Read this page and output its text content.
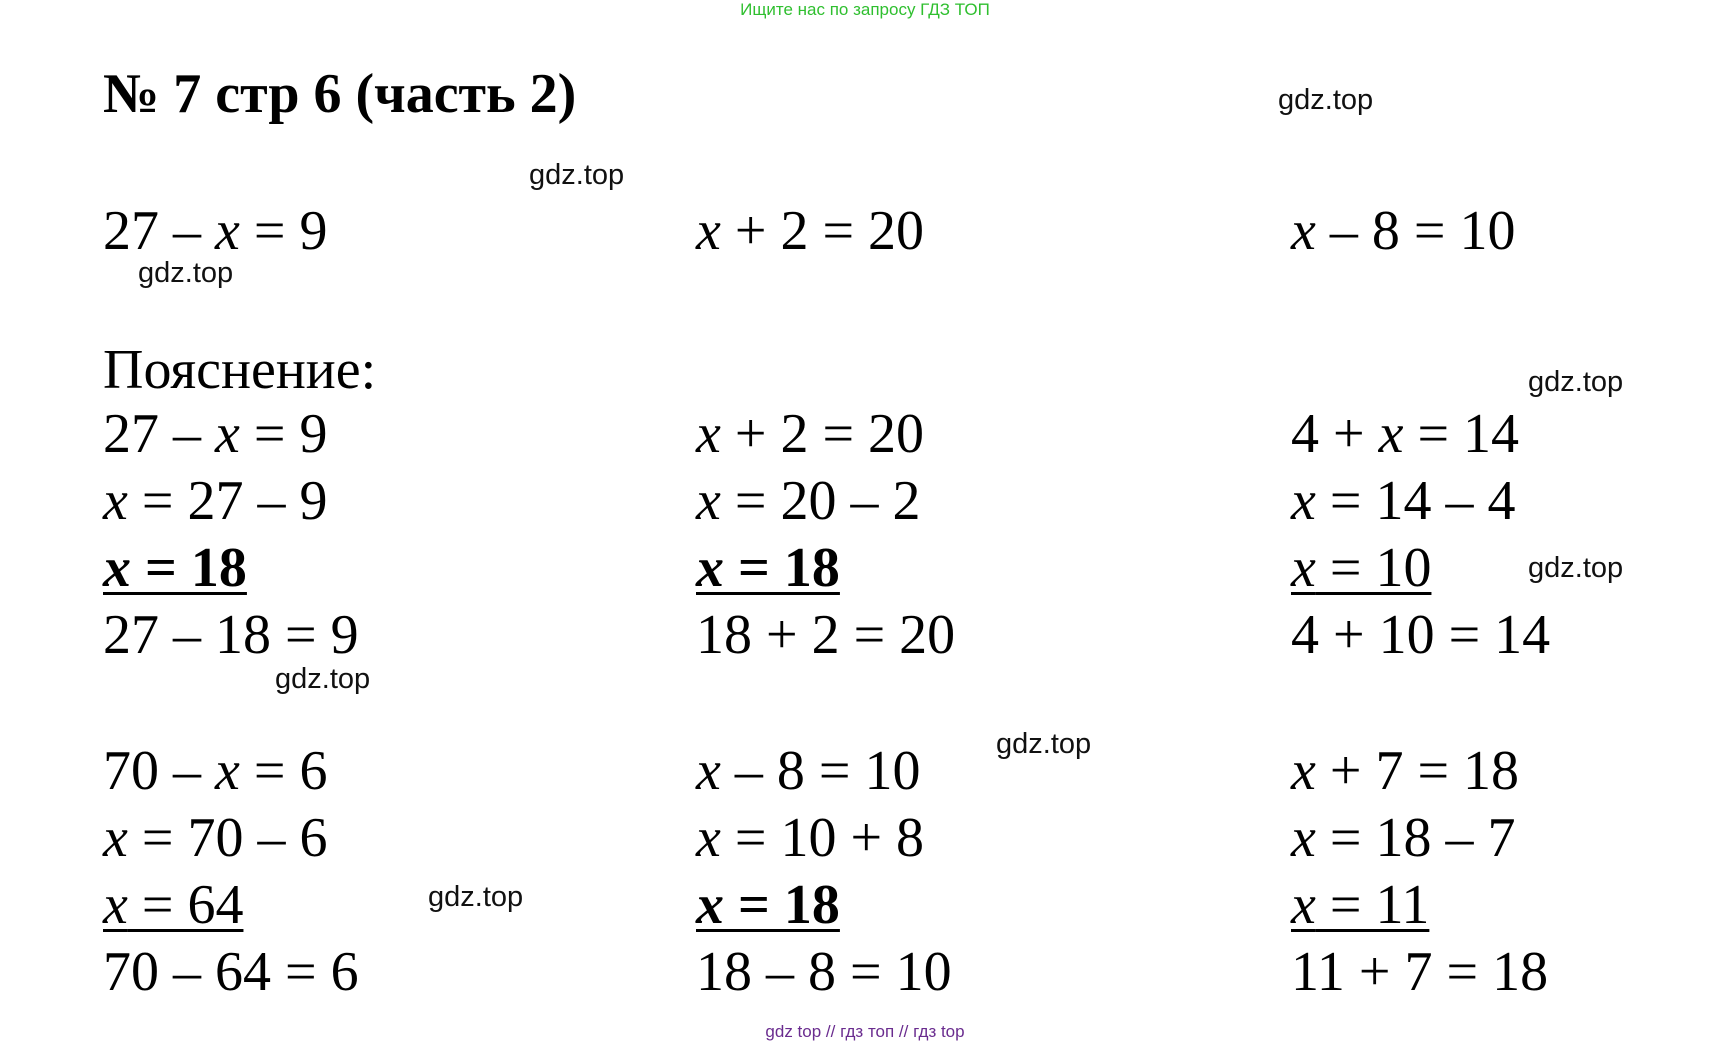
Ищите нас по запросу ГДЗ ТОП
№ 7 стр 6 (часть 2)	gdz.top
gdz.top
gdz.top
gdz.top
gdz.top
gdz.top
gdz.top
gdz.top
27 – x = 9	x + 2 = 20	x – 8 = 10
Пояснение:
27 – x = 9
x = 27 – 9
x = 18
27 – 18 = 9
x + 2 = 20
x = 20 – 2
x = 18
18 + 2 = 20
4 + x = 14
x = 14 – 4
x = 10
4 + 10 = 14
70 – x = 6
x = 70 – 6
x = 64
70 – 64 = 6
x – 8 = 10
x = 10 + 8
x = 18
18 – 8 = 10
x + 7 = 18
x = 18 – 7
x = 11
11 + 7 = 18
gdz top // гдз топ // гдз top
